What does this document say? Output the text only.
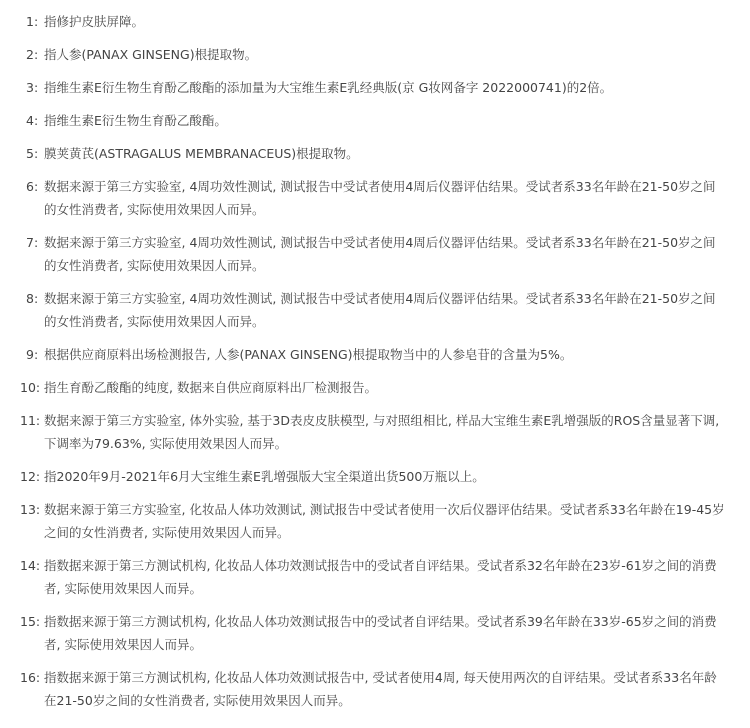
1: 指修护皮肤屏障。
2: 指人参(PANAX GINSENG)根提取物。
3: 指维生素E衍生物生育酚乙酸酯的添加量为大宝维生素E乳经典版(京 G妆网备字 2022000741)的2倍。
4: 指维生素E衍生物生育酚乙酸酯。
5: 膜荚黄芪(ASTRAGALUS MEMBRANACEUS)根提取物。
6: 数据来源于第三方实验室, 4周功效性测试, 测试报告中受试者使用4周后仪器评估结果。受试者系33名年龄在21-50岁之间的女性消费者, 实际使用效果因人而异。
7: 数据来源于第三方实验室, 4周功效性测试, 测试报告中受试者使用4周后仪器评估结果。受试者系33名年龄在21-50岁之间的女性消费者, 实际使用效果因人而异。
8: 数据来源于第三方实验室, 4周功效性测试, 测试报告中受试者使用4周后仪器评估结果。受试者系33名年龄在21-50岁之间的女性消费者, 实际使用效果因人而异。
9: 根据供应商原料出场检测报告, 人参(PANAX GINSENG)根提取物当中的人参皂苷的含量为5%。
10: 指生育酚乙酸酯的纯度, 数据来自供应商原料出厂检测报告。
11: 数据来源于第三方实验室, 体外实验, 基于3D表皮皮肤模型, 与对照组相比, 样品大宝维生素E乳增强版的ROS含量显著下调, 下调率为79.63%, 实际使用效果因人而异。
12: 指2020年9月-2021年6月大宝维生素E乳增强版大宝全渠道出货500万瓶以上。
13: 数据来源于第三方实验室, 化妆品人体功效测试, 测试报告中受试者使用一次后仪器评估结果。受试者系33名年龄在19-45岁之间的女性消费者, 实际使用效果因人而异。
14: 指数据来源于第三方测试机构, 化妆品人体功效测试报告中的受试者自评结果。受试者系32名年龄在23岁-61岁之间的消费者, 实际使用效果因人而异。
15: 指数据来源于第三方测试机构, 化妆品人体功效测试报告中的受试者自评结果。受试者系39名年龄在33岁-65岁之间的消费者, 实际使用效果因人而异。
16: 指数据来源于第三方测试机构, 化妆品人体功效测试报告中, 受试者使用4周, 每天使用两次的自评结果。受试者系33名年龄在21-50岁之间的女性消费者, 实际使用效果因人而异。
